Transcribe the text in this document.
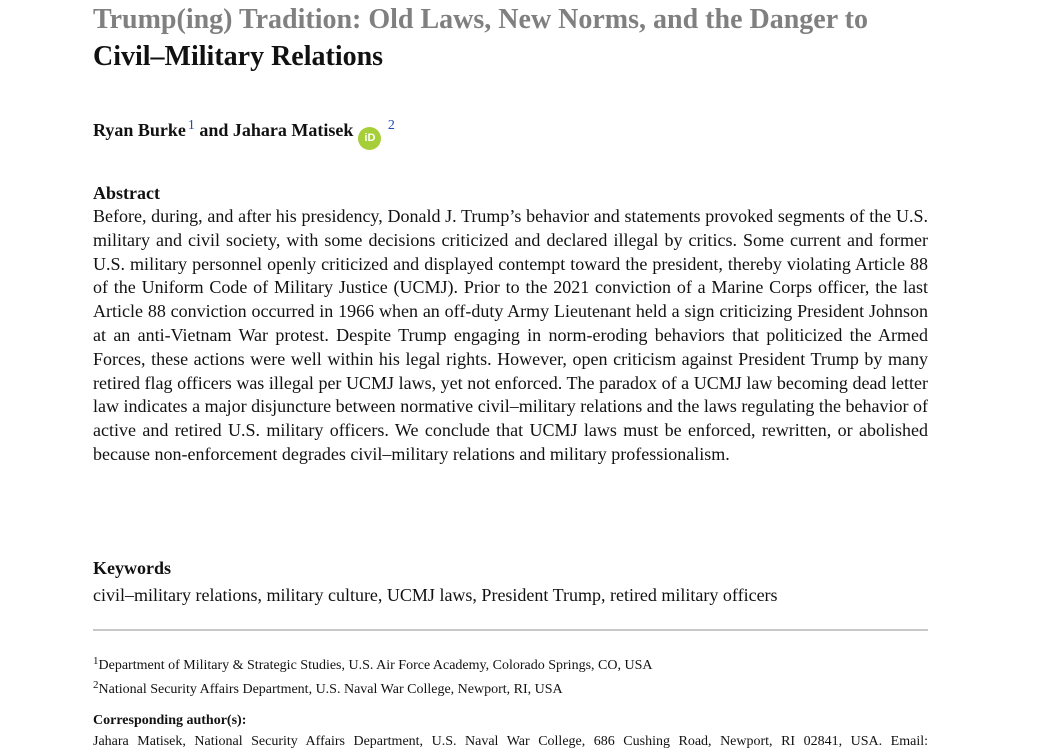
Trump(ing) Tradition: Old Laws, New Norms, and the Danger to
Civil–Military Relations
Ryan Burke $^1$ and Jahara Matisek iD $^2$
Abstract

Before, during, and after his presidency, Donald J. Trump’s behavior and statements provoked segments of the U.S. military and civil society, with some decisions criticized and declared illegal by critics. Some current and former U.S. military personnel openly criticized and displayed contempt toward the president, thereby violating Article 88 of the Uniform Code of Military Justice (UCMJ). Prior to the 2021 conviction of a Marine Corps officer, the last Article 88 conviction occurred in 1966 when an off-duty Army Lieutenant held a sign criticizing President Johnson at an anti-Vietnam War protest. Despite Trump engaging in norm-eroding behaviors that politicized the Armed Forces, these actions were well within his legal rights. However, open criticism against President Trump by many retired flag officers was illegal per UCMJ laws, yet not enforced. The paradox of a UCMJ law becoming dead letter law indicates a major disjuncture between normative civil–military relations and the laws regulating the behavior of active and retired U.S. military officers. We conclude that UCMJ laws must be enforced, rewritten, or abolished because non-enforcement degrades civil–military relations and military professionalism.

Keywords
civil–military relations, military culture, UCMJ laws, President Trump, retired military officers
$^1$Department of Military & Strategic Studies, U.S. Air Force Academy, Colorado Springs, CO, USA
$^2$National Security Affairs Department, U.S. Naval War College, Newport, RI, USA
Corresponding author(s):
Jahara Matisek, National Security Affairs Department, U.S. Naval War College, 686 Cushing Road, Newport, RI 02841, USA. Email:
